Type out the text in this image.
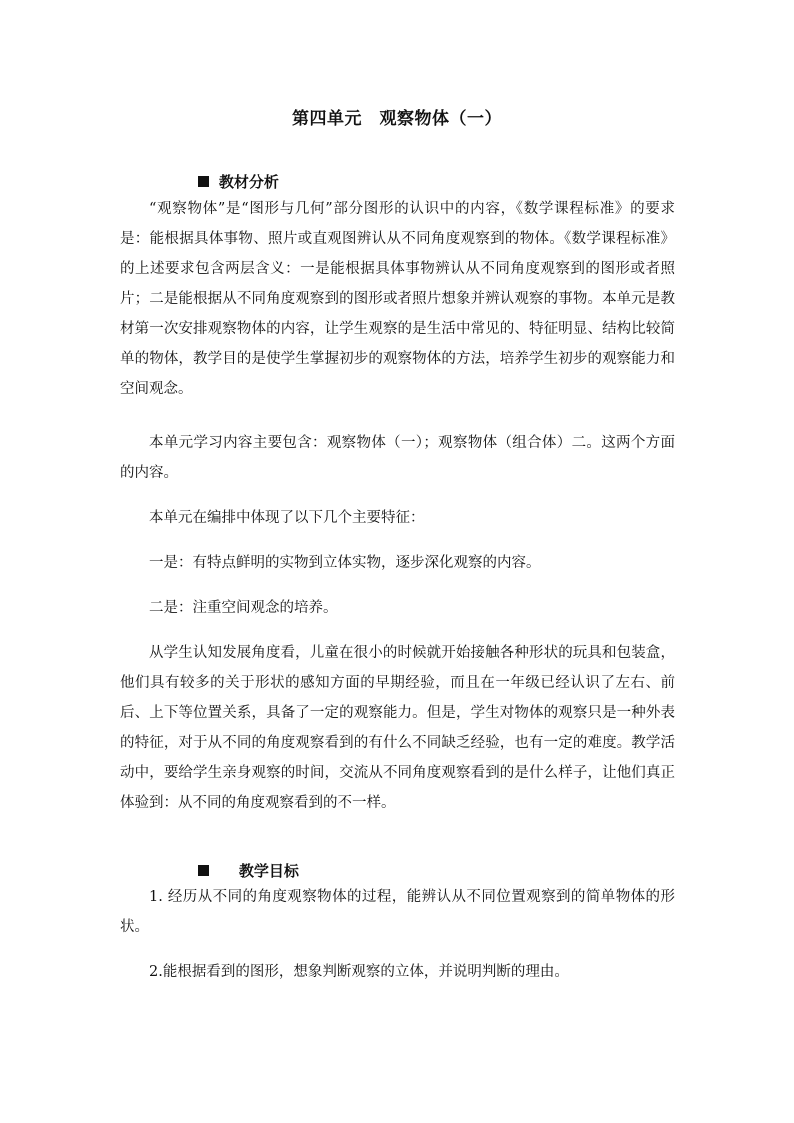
第四单元　观察物体（一）

教材分析

“观察物体”是“图形与几何”部分图形的认识中的内容，《数学课程标准》的要求是：能根据具体事物、照片或直观图辨认从不同角度观察到的物体。《数学课程标准》的上述要求包含两层含义：一是能根据具体事物辨认从不同角度观察到的图形或者照片；二是能根据从不同角度观察到的图形或者照片想象并辨认观察的事物。本单元是教材第一次安排观察物体的内容，让学生观察的是生活中常见的、特征明显、结构比较简单的物体，教学目的是使学生掌握初步的观察物体的方法，培养学生初步的观察能力和空间观念。

本单元学习内容主要包含：观察物体（一）；观察物体（组合体）二。这两个方面的内容。

本单元在编排中体现了以下几个主要特征：

一是：有特点鲜明的实物到立体实物，逐步深化观察的内容。

二是：注重空间观念的培养。

从学生认知发展角度看，儿童在很小的时候就开始接触各种形状的玩具和包装盒，他们具有较多的关于形状的感知方面的早期经验，而且在一年级已经认识了左右、前后、上下等位置关系，具备了一定的观察能力。但是，学生对物体的观察只是一种外表的特征，对于从不同的角度观察看到的有什么不同缺乏经验，也有一定的难度。教学活动中，要给学生亲身观察的时间，交流从不同角度观察看到的是什么样子，让他们真正体验到：从不同的角度观察看到的不一样。

教学目标

1. 经历从不同的角度观察物体的过程，能辨认从不同位置观察到的简单物体的形状。

2.能根据看到的图形，想象判断观察的立体，并说明判断的理由。
